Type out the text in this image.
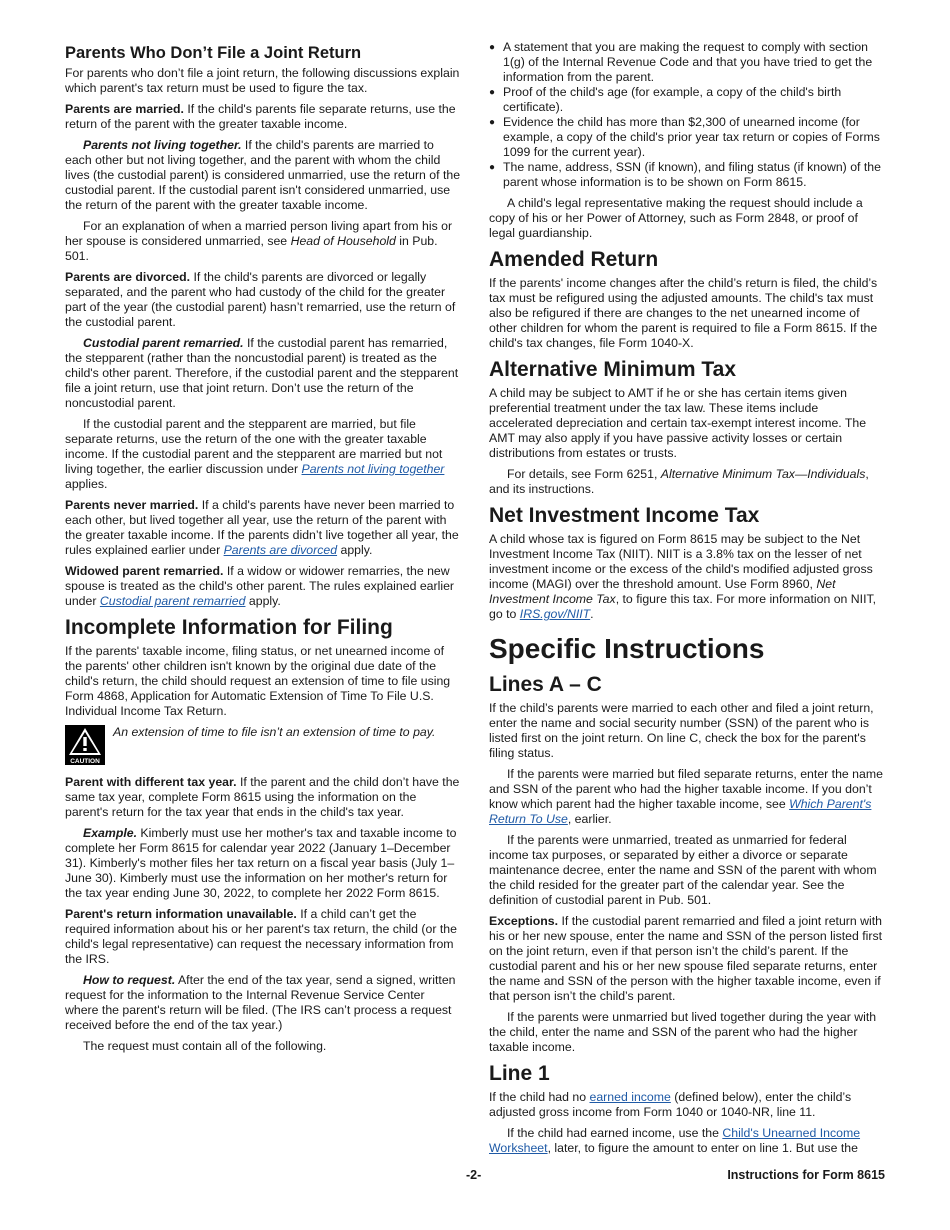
Parents Who Don’t File a Joint Return

For parents who don’t file a joint return, the following discussions explain which parent's tax return must be used to figure the tax.

Parents are married. If the child's parents file separate returns, use the return of the parent with the greater taxable income.

Parents not living together. If the child's parents are married to each other but not living together, and the parent with whom the child lives (the custodial parent) is considered unmarried, use the return of the custodial parent. If the custodial parent isn't considered unmarried, use the return of the parent with the greater taxable income.

For an explanation of when a married person living apart from his or her spouse is considered unmarried, see Head of Household in Pub. 501.

Parents are divorced. If the child's parents are divorced or legally separated, and the parent who had custody of the child for the greater part of the year (the custodial parent) hasn’t remarried, use the return of the custodial parent.

Custodial parent remarried. If the custodial parent has remarried, the stepparent (rather than the noncustodial parent) is treated as the child's other parent. Therefore, if the custodial parent and the stepparent file a joint return, use that joint return. Don’t use the return of the noncustodial parent.

If the custodial parent and the stepparent are married, but file separate returns, use the return of the one with the greater taxable income. If the custodial parent and the stepparent are married but not living together, the earlier discussion under Parents not living together applies.

Parents never married. If a child's parents have never been married to each other, but lived together all year, use the return of the parent with the greater taxable income. If the parents didn’t live together all year, the rules explained earlier under Parents are divorced apply.

Widowed parent remarried. If a widow or widower remarries, the new spouse is treated as the child's other parent. The rules explained earlier under Custodial parent remarried apply.

Incomplete Information for Filing

If the parents' taxable income, filing status, or net unearned income of the parents' other children isn't known by the original due date of the child's return, the child should request an extension of time to file using Form 4868, Application for Automatic Extension of Time To File U.S. Individual Income Tax Return.

CAUTION
An extension of time to file isn’t an extension of time to pay.

Parent with different tax year. If the parent and the child don’t have the same tax year, complete Form 8615 using the information on the parent's return for the tax year that ends in the child's tax year.

Example. Kimberly must use her mother's tax and taxable income to complete her Form 8615 for calendar year 2022 (January 1–December 31). Kimberly's mother files her tax return on a fiscal year basis (July 1–June 30). Kimberly must use the information on her mother's return for the tax year ending June 30, 2022, to complete her 2022 Form 8615.

Parent's return information unavailable. If a child can’t get the required information about his or her parent's tax return, the child (or the child's legal representative) can request the necessary information from the IRS.

How to request. After the end of the tax year, send a signed, written request for the information to the Internal Revenue Service Center where the parent's return will be filed. (The IRS can’t process a request received before the end of the tax year.)

The request must contain all of the following.

● A statement that you are making the request to comply with section 1(g) of the Internal Revenue Code and that you have tried to get the information from the parent.
● Proof of the child's age (for example, a copy of the child's birth certificate).
● Evidence the child has more than $2,300 of unearned income (for example, a copy of the child's prior year tax return or copies of Forms 1099 for the current year).
● The name, address, SSN (if known), and filing status (if known) of the parent whose information is to be shown on Form 8615.

A child's legal representative making the request should include a copy of his or her Power of Attorney, such as Form 2848, or proof of legal guardianship.

Amended Return

If the parents' income changes after the child’s return is filed, the child’s tax must be refigured using the adjusted amounts. The child's tax must also be refigured if there are changes to the net unearned income of other children for whom the parent is required to file a Form 8615. If the child's tax changes, file Form 1040-X.

Alternative Minimum Tax

A child may be subject to AMT if he or she has certain items given preferential treatment under the tax law. These items include accelerated depreciation and certain tax-exempt interest income. The AMT may also apply if you have passive activity losses or certain distributions from estates or trusts.

For details, see Form 6251, Alternative Minimum Tax—Individuals, and its instructions.

Net Investment Income Tax

A child whose tax is figured on Form 8615 may be subject to the Net Investment Income Tax (NIIT). NIIT is a 3.8% tax on the lesser of net investment income or the excess of the child's modified adjusted gross income (MAGI) over the threshold amount. Use Form 8960, Net Investment Income Tax, to figure this tax. For more information on NIIT, go to IRS.gov/NIIT.

Specific Instructions
Lines A – C

If the child’s parents were married to each other and filed a joint return, enter the name and social security number (SSN) of the parent who is listed first on the joint return. On line C, check the box for the parent's filing status.

If the parents were married but filed separate returns, enter the name and SSN of the parent who had the higher taxable income. If you don’t know which parent had the higher taxable income, see Which Parent's Return To Use, earlier.

If the parents were unmarried, treated as unmarried for federal income tax purposes, or separated by either a divorce or separate maintenance decree, enter the name and SSN of the parent with whom the child resided for the greater part of the calendar year. See the definition of custodial parent in Pub. 501.

Exceptions. If the custodial parent remarried and filed a joint return with his or her new spouse, enter the name and SSN of the person listed first on the joint return, even if that person isn’t the child’s parent. If the custodial parent and his or her new spouse filed separate returns, enter the name and SSN of the person with the higher taxable income, even if that person isn’t the child’s parent.

If the parents were unmarried but lived together during the year with the child, enter the name and SSN of the parent who had the higher taxable income.

Line 1

If the child had no earned income (defined below), enter the child’s adjusted gross income from Form 1040 or 1040-NR, line 11.

If the child had earned income, use the Child's Unearned Income Worksheet, later, to figure the amount to enter on line 1. But use the

-2-	Instructions for Form 8615
